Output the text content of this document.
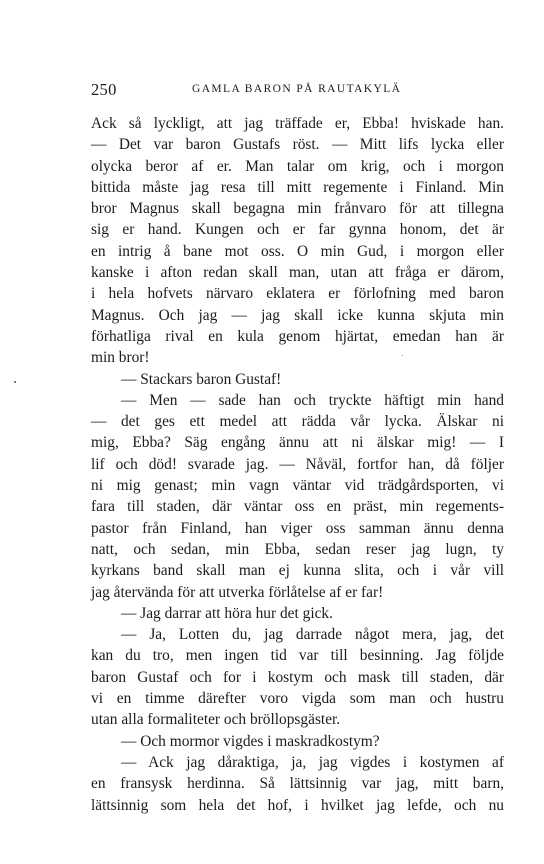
250	GAMLA BARON PÅ RAUTAKYLÄ
Ack så lyckligt, att jag träffade er, Ebba! hviskade han.
— Det var baron Gustafs röst. — Mitt lifs lycka eller
olycka beror af er. Man talar om krig, och i morgon
bittida måste jag resa till mitt regemente i Finland. Min
bror Magnus skall begagna min frånvaro för att tillegna
sig er hand. Kungen och er far gynna honom, det är
en intrig å bane mot oss. O min Gud, i morgon eller
kanske i afton redan skall man, utan att fråga er därom,
i hela hofvets närvaro eklatera er förlofning med baron
Magnus. Och jag — jag skall icke kunna skjuta min
förhatliga rival en kula genom hjärtat, emedan han är
min bror!
— Stackars baron Gustaf!
— Men — sade han och tryckte häftigt min hand
— det ges ett medel att rädda vår lycka. Älskar ni
mig, Ebba? Säg engång ännu att ni älskar mig! — I
lif och död! svarade jag. — Nåväl, fortfor han, då följer
ni mig genast; min vagn väntar vid trädgårdsporten, vi
fara till staden, där väntar oss en präst, min regements-
pastor från Finland, han viger oss samman ännu denna
natt, och sedan, min Ebba, sedan reser jag lugn, ty
kyrkans band skall man ej kunna slita, och i vår vill
jag återvända för att utverka förlåtelse af er far!
— Jag darrar att höra hur det gick.
— Ja, Lotten du, jag darrade något mera, jag, det
kan du tro, men ingen tid var till besinning. Jag följde
baron Gustaf och for i kostym och mask till staden, där
vi en timme därefter voro vigda som man och hustru
utan alla formaliteter och bröllopsgäster.
— Och mormor vigdes i maskradkostym?
— Ack jag dåraktiga, ja, jag vigdes i kostymen af
en fransysk herdinna. Så lättsinnig var jag, mitt barn,
lättsinnig som hela det hof, i hvilket jag lefde, och nu
